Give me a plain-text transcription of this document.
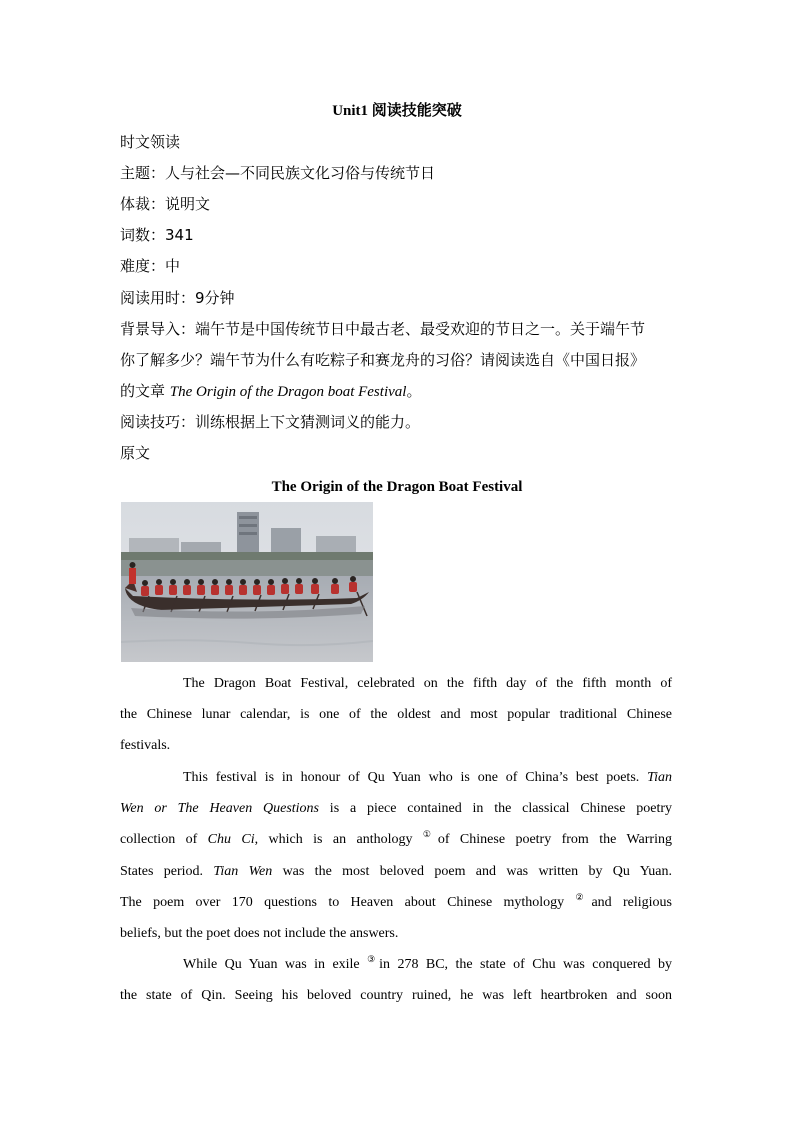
Unit1 阅读技能突破
时文领读
主题：人与社会—不同民族文化习俗与传统节日
体裁：说明文
词数：341
难度：中
阅读用时：9分钟
背景导入：端午节是中国传统节日中最古老、最受欢迎的节日之一。关于端午节
你了解多少？端午节为什么有吃粽子和赛龙舟的习俗？请阅读选自《中国日报》
的文章 The Origin of the Dragon boat Festival。
阅读技巧：训练根据上下文猜测词义的能力。
原文
The Origin of the Dragon Boat Festival
The Dragon Boat Festival, celebrated on the fifth day of the fifth month of
the Chinese lunar calendar, is one of the oldest and most popular traditional Chinese
festivals.
This festival is in honour of Qu Yuan who is one of China’s best poets. Tian
Wen or The Heaven Questions is a piece contained in the classical Chinese poetry
collection of Chu Ci, which is an anthology ①of Chinese poetry from the Warring
States period. Tian Wen was the most beloved poem and was written by Qu Yuan.
The poem over 170 questions to Heaven about Chinese mythology ②and religious
beliefs, but the poet does not include the answers.
While Qu Yuan was in exile ③in 278 BC, the state of Chu was conquered by
the state of Qin. Seeing his beloved country ruined, he was left heartbroken and soon
